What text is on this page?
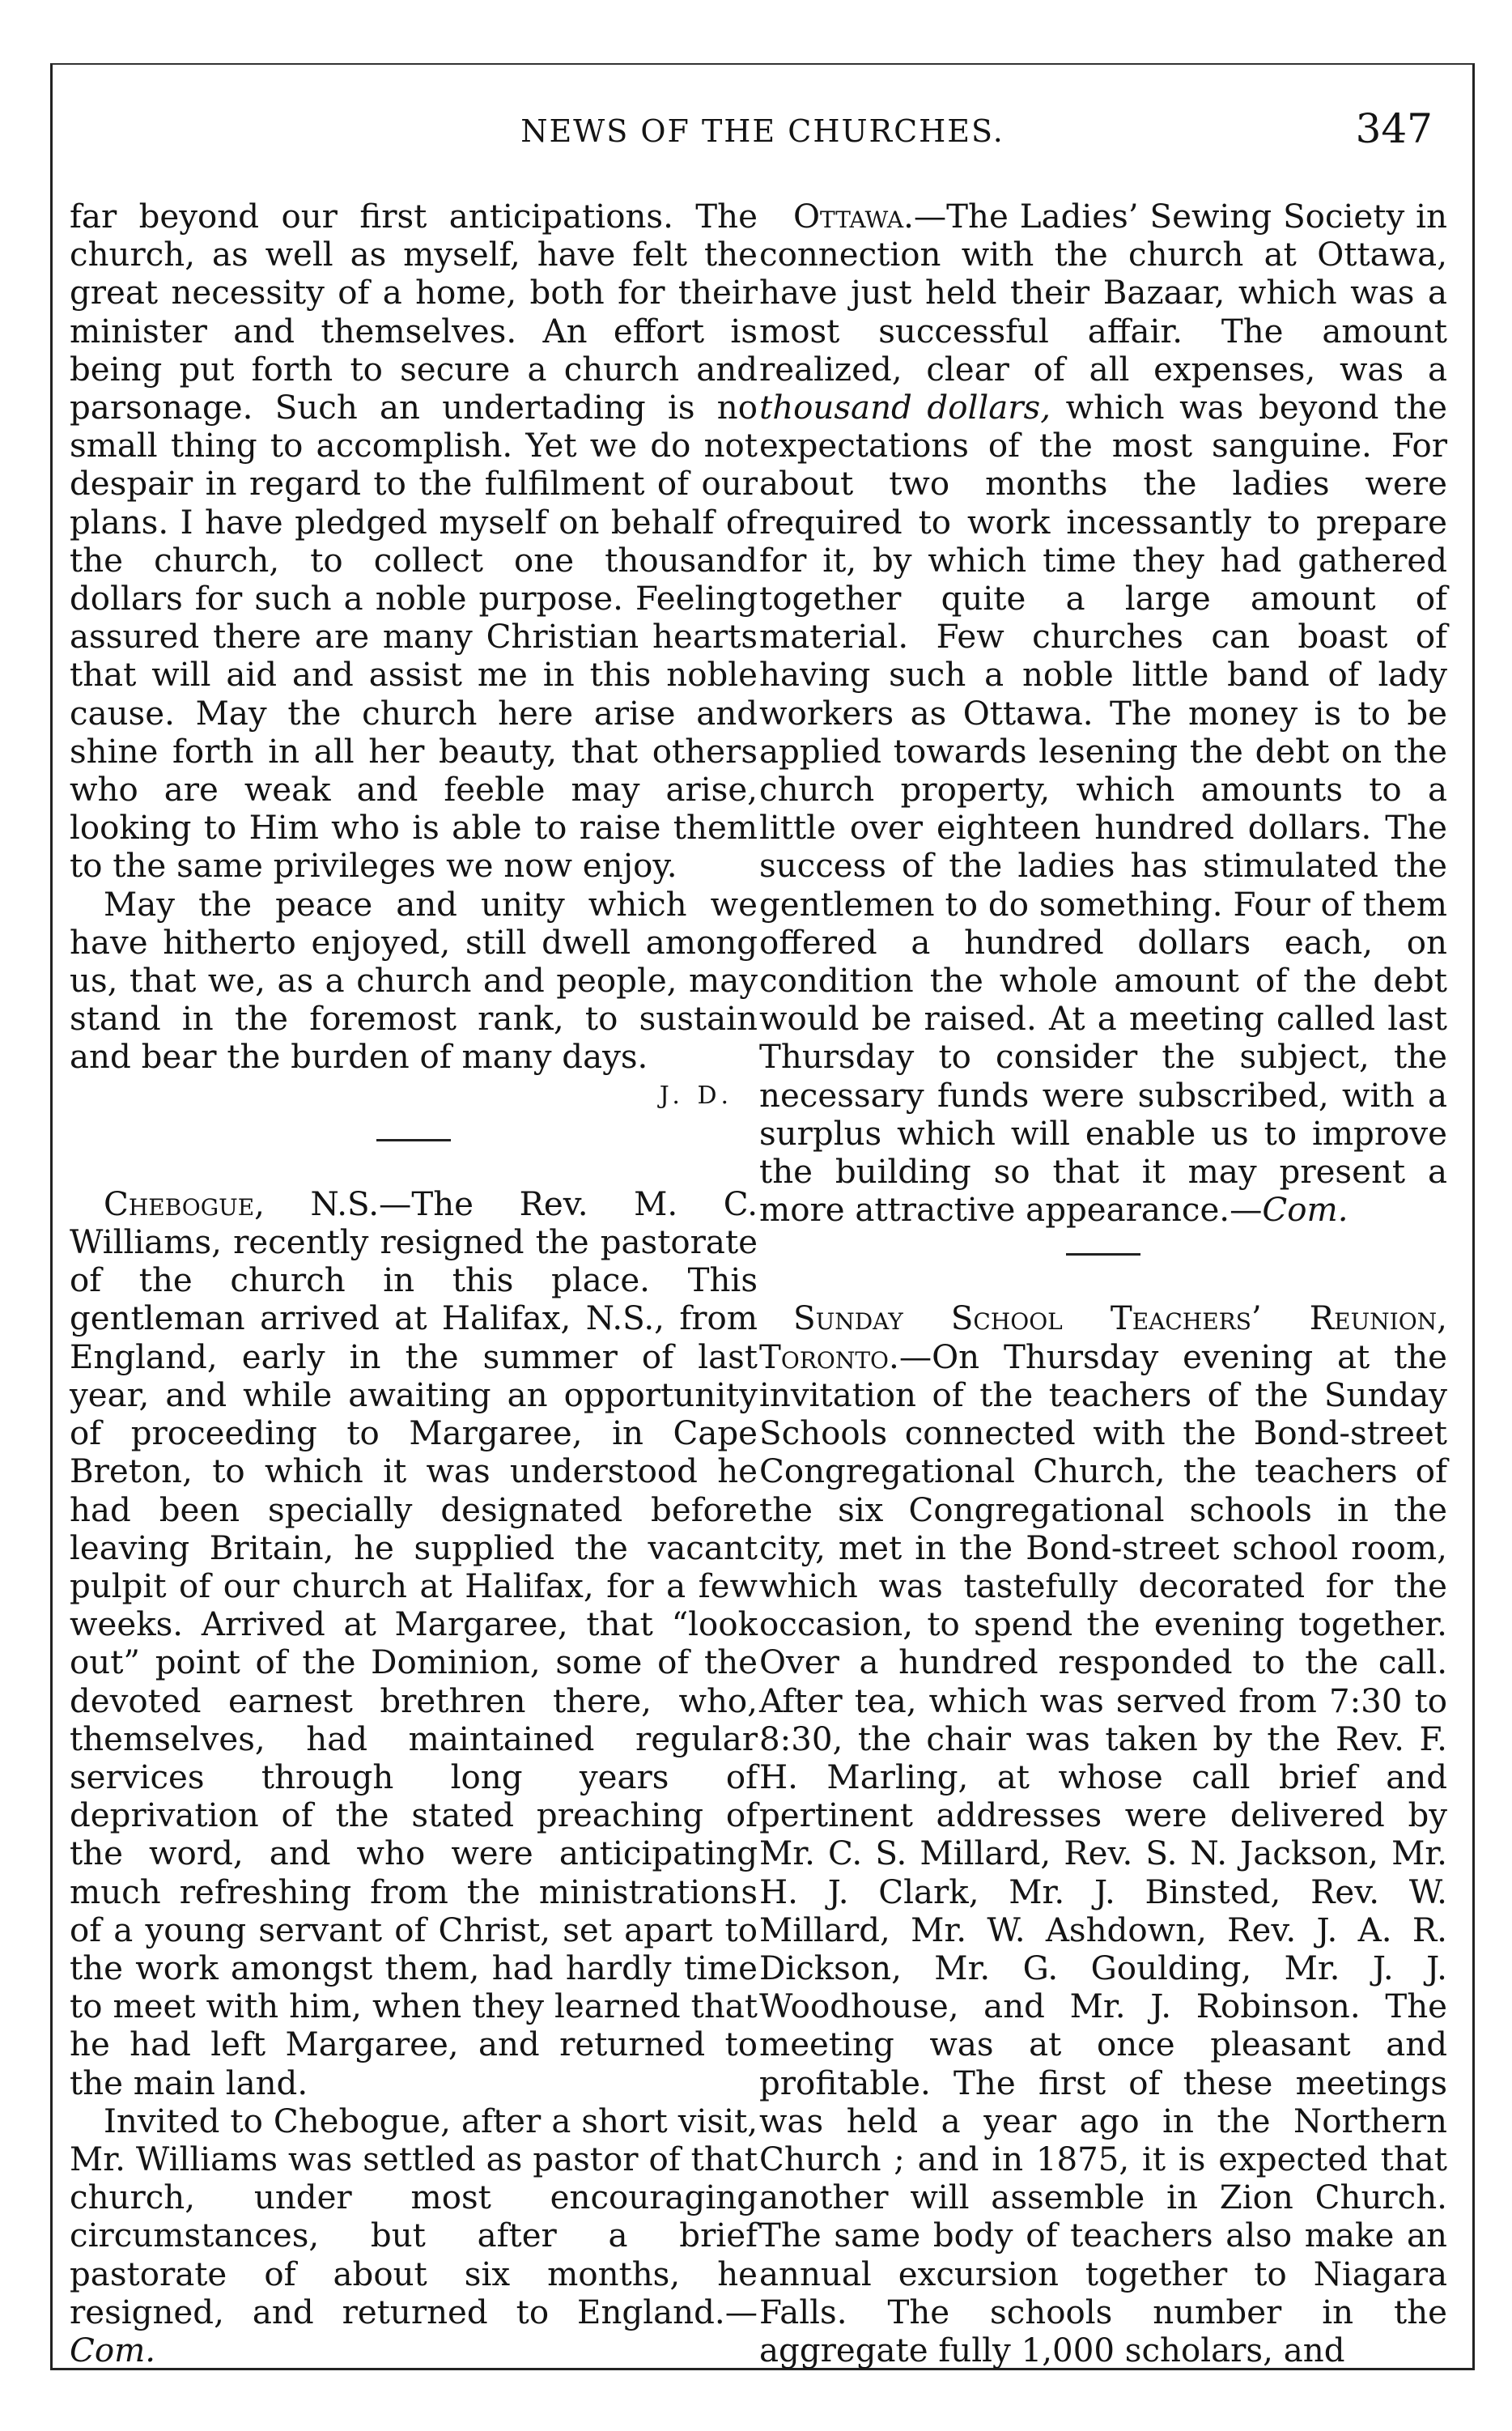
NEWS OF THE CHURCHES.	347

far beyond our first anticipations. The church, as well as myself, have felt the great necessity of a home, both for their minister and themselves. An effort is being put forth to secure a church and parsonage. Such an undertading is no small thing to accomplish. Yet we do not despair in regard to the fulfilment of our plans. I have pledged myself on behalf of the church, to collect one thousand dollars for such a noble purpose. Feeling assured there are many Christian hearts that will aid and assist me in this noble cause. May the church here arise and shine forth in all her beauty, that others who are weak and feeble may arise, looking to Him who is able to raise them to the same privileges we now enjoy.

May the peace and unity which we have hitherto enjoyed, still dwell among us, that we, as a church and people, may stand in the foremost rank, to sustain and bear the burden of many days.

J. D.

Chebogue, N.S.—The Rev. M. C. Williams, recently resigned the pastorate of the church in this place. This gentleman arrived at Halifax, N.S., from England, early in the summer of last year, and while awaiting an opportunity of proceeding to Margaree, in Cape Breton, to which it was understood he had been specially designated before leaving Britain, he supplied the vacant pulpit of our church at Halifax, for a few weeks. Arrived at Margaree, that “look out” point of the Dominion, some of the devoted earnest brethren there, who, themselves, had maintained regular services through long years of deprivation of the stated preaching of the word, and who were anticipating much refreshing from the ministrations of a young servant of Christ, set apart to the work amongst them, had hardly time to meet with him, when they learned that he had left Margaree, and returned to the main land.

Invited to Chebogue, after a short visit, Mr. Williams was settled as pastor of that church, under most encouraging circumstances, but after a brief pastorate of about six months, he resigned, and returned to England.—Com.

Ottawa.—The Ladies’ Sewing Society in connection with the church at Ottawa, have just held their Bazaar, which was a most successful affair. The amount realized, clear of all expenses, was a thousand dollars, which was beyond the expectations of the most sanguine. For about two months the ladies were required to work incessantly to prepare for it, by which time they had gathered together quite a large amount of material. Few churches can boast of having such a noble little band of lady workers as Ottawa. The money is to be applied towards lesening the debt on the church property, which amounts to a little over eighteen hundred dollars. The success of the ladies has stimulated the gentlemen to do something. Four of them offered a hundred dollars each, on condition the whole amount of the debt would be raised. At a meeting called last Thursday to consider the subject, the necessary funds were subscribed, with a surplus which will enable us to improve the building so that it may present a more attractive appearance.—Com.

Sunday School Teachers’ Reunion, Toronto.—On Thursday evening at the invitation of the teachers of the Sunday Schools connected with the Bond-street Congregational Church, the teachers of the six Congregational schools in the city, met in the Bond-street school room, which was tastefully decorated for the occasion, to spend the evening together. Over a hundred responded to the call. After tea, which was served from 7:30 to 8:30, the chair was taken by the Rev. F. H. Marling, at whose call brief and pertinent addresses were delivered by Mr. C. S. Millard, Rev. S. N. Jackson, Mr. H. J. Clark, Mr. J. Binsted, Rev. W. Millard, Mr. W. Ashdown, Rev. J. A. R. Dickson, Mr. G. Goulding, Mr. J. J. Woodhouse, and Mr. J. Robinson. The meeting was at once pleasant and profitable. The first of these meetings was held a year ago in the Northern Church ; and in 1875, it is expected that another will assemble in Zion Church. The same body of teachers also make an annual excursion together to Niagara Falls. The schools number in the aggregate fully 1,000 scholars, and
